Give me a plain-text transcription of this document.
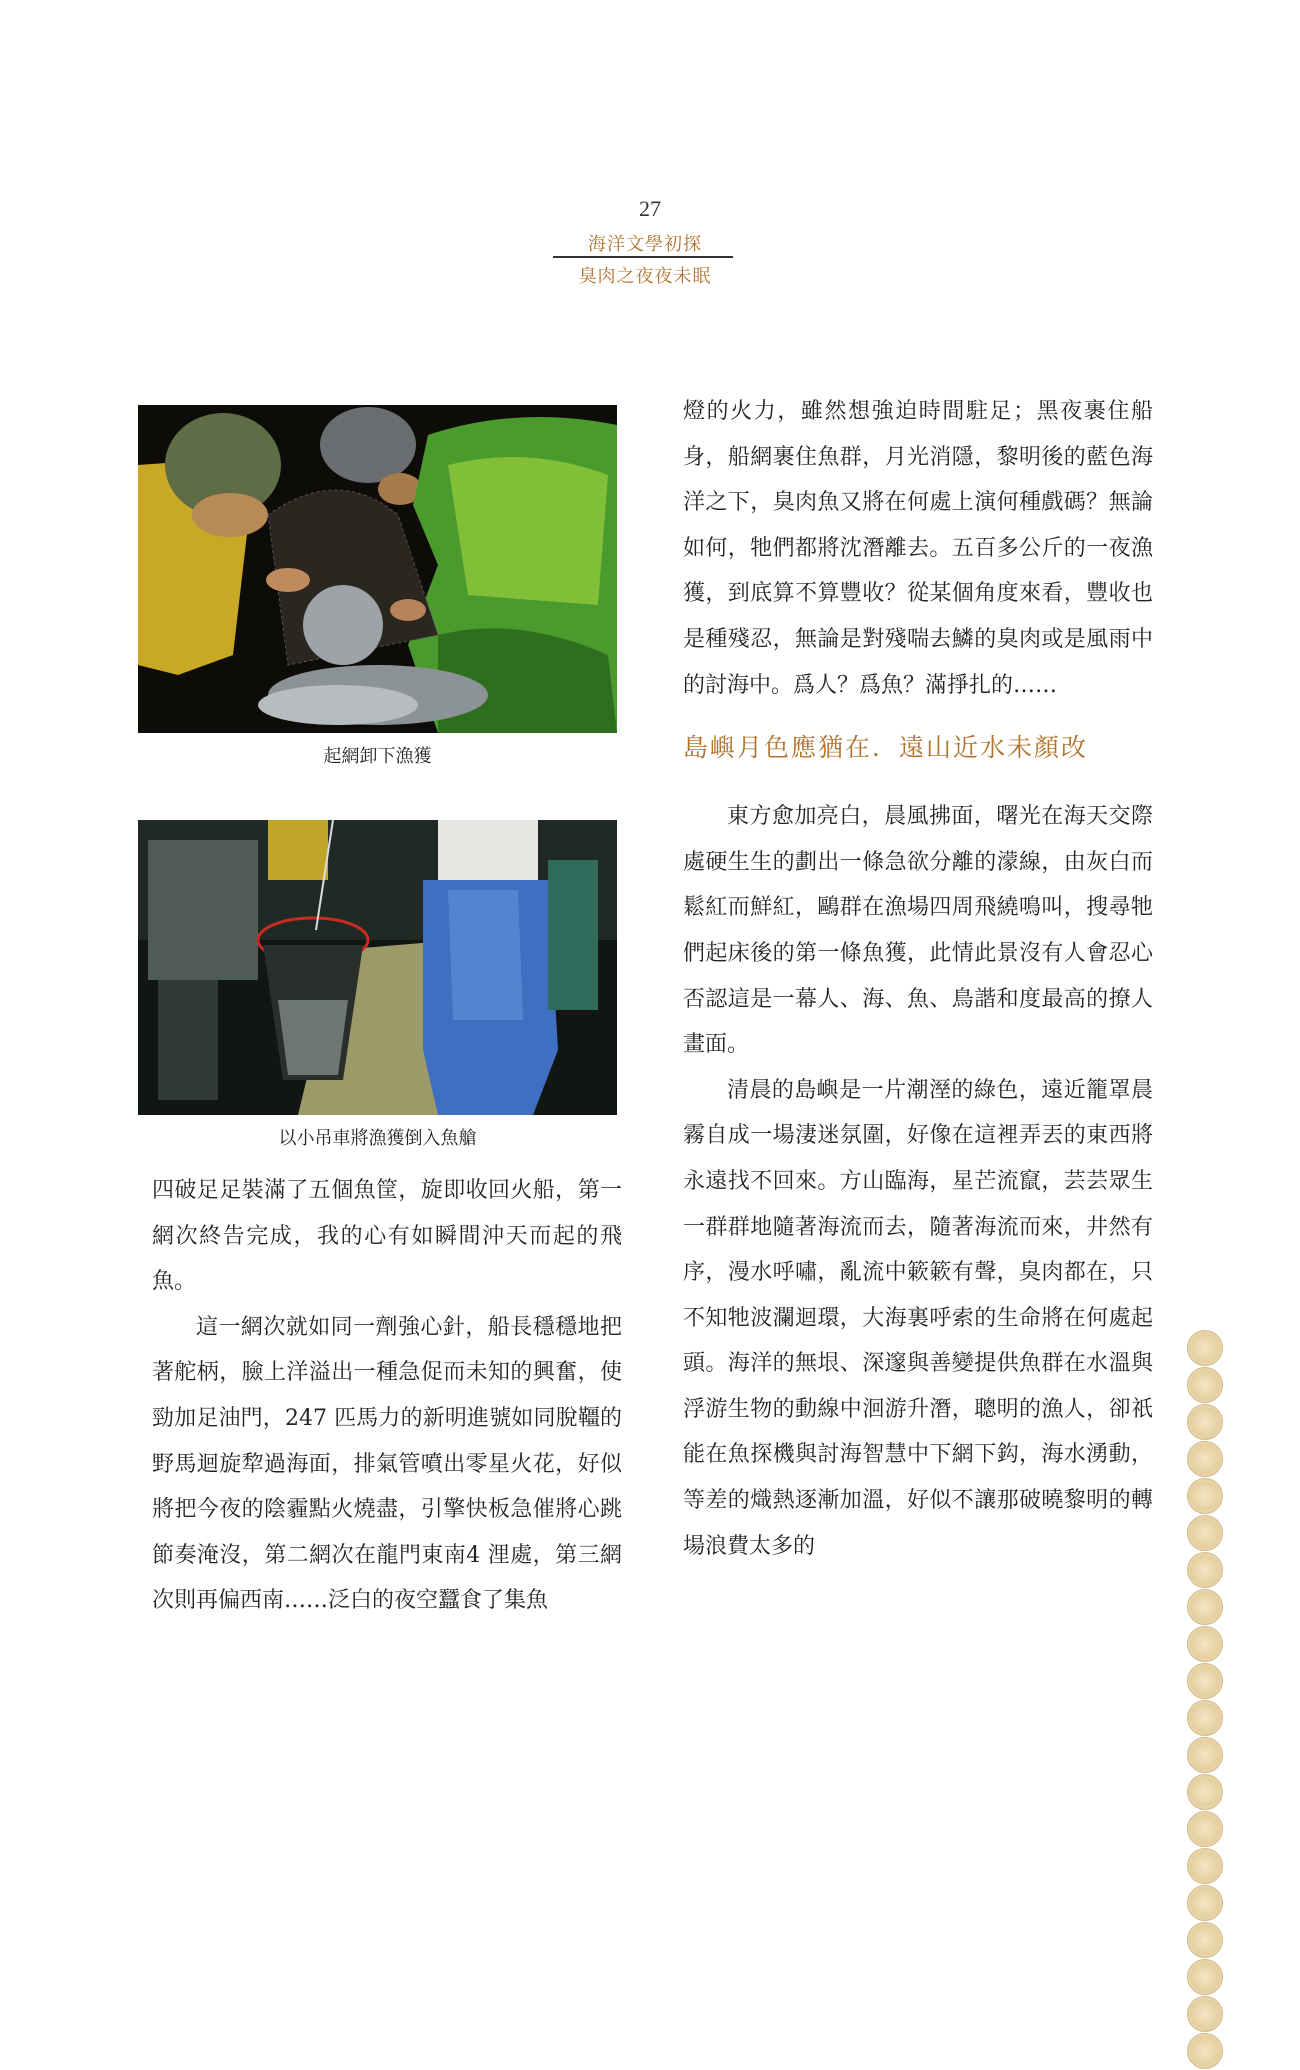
27
海洋文學初探
臭肉之夜夜未眠
起網卸下漁獲
以小吊車將漁獲倒入魚艙

四破足足裝滿了五個魚筐，旋即收回火船，第一網次終告完成，我的心有如瞬間沖天而起的飛魚。

這一網次就如同一劑強心針，船長穩穩地把著舵柄，臉上洋溢出一種急促而未知的興奮，使勁加足油門，247 匹馬力的新明進號如同脫韁的野馬迴旋犂過海面，排氣管噴出零星火花，好似將把今夜的陰霾點火燒盡，引擎快板急催將心跳節奏淹沒，第二網次在龍門東南4 浬處，第三網次則再偏西南……泛白的夜空蠶食了集魚

燈的火力，雖然想強迫時間駐足；黑夜裹住船身，船網裹住魚群，月光消隱，黎明後的藍色海洋之下，臭肉魚又將在何處上演何種戲碼？無論如何，牠們都將沈潛離去。五百多公斤的一夜漁獲，到底算不算豐收？從某個角度來看，豐收也是種殘忍，無論是對殘喘去鱗的臭肉或是風雨中的討海中。爲人？爲魚？滿掙扎的……

島嶼月色應猶在．遠山近水未顏改

東方愈加亮白，晨風拂面，曙光在海天交際處硬生生的劃出一條急欲分離的濛線，由灰白而鬆紅而鮮紅，鷗群在漁場四周飛繞鳴叫，搜尋牠們起床後的第一條魚獲，此情此景沒有人會忍心否認這是一幕人、海、魚、鳥諧和度最高的撩人畫面。

清晨的島嶼是一片潮溼的綠色，遠近籠罩晨霧自成一場淒迷氛圍，好像在這裡弄丟的東西將永遠找不回來。方山臨海，星芒流竄，芸芸眾生一群群地隨著海流而去，隨著海流而來，井然有序，漫水呼嘯，亂流中簌簌有聲，臭肉都在，只不知牠波瀾迴環，大海裏呼索的生命將在何處起頭。海洋的無垠、深邃與善變提供魚群在水溫與浮游生物的動線中洄游升潛，聰明的漁人，卻祇能在魚探機與討海智慧中下網下鈎，海水湧動，等差的熾熱逐漸加溫，好似不讓那破曉黎明的轉場浪費太多的
